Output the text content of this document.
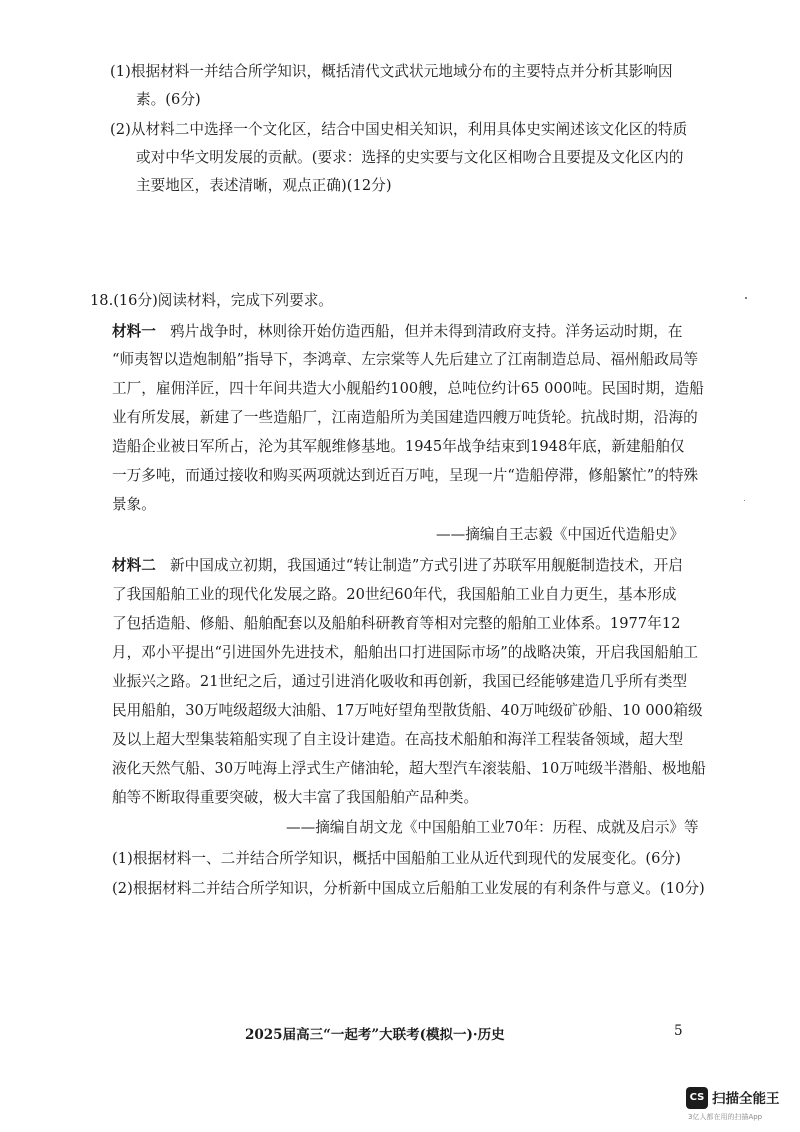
(1)根据材料一并结合所学知识，概括清代文武状元地域分布的主要特点并分析其影响因
素。(6分)
(2)从材料二中选择一个文化区，结合中国史相关知识，利用具体史实阐述该文化区的特质
或对中华文明发展的贡献。(要求：选择的史实要与文化区相吻合且要提及文化区内的
主要地区，表述清晰，观点正确)(12分)
18.(16分)阅读材料，完成下列要求。
材料一 鸦片战争时，林则徐开始仿造西船，但并未得到清政府支持。洋务运动时期，在
“师夷智以造炮制船”指导下，李鸿章、左宗棠等人先后建立了江南制造总局、福州船政局等
工厂，雇佣洋匠，四十年间共造大小舰船约100艘，总吨位约计65 000吨。民国时期，造船
业有所发展，新建了一些造船厂，江南造船所为美国建造四艘万吨货轮。抗战时期，沿海的
造船企业被日军所占，沦为其军舰维修基地。1945年战争结束到1948年底，新建船舶仅
一万多吨，而通过接收和购买两项就达到近百万吨，呈现一片“造船停滞，修船繁忙”的特殊
景象。
——摘编自王志毅《中国近代造船史》
材料二 新中国成立初期，我国通过“转让制造”方式引进了苏联军用舰艇制造技术，开启
了我国船舶工业的现代化发展之路。20世纪60年代，我国船舶工业自力更生，基本形成
了包括造船、修船、船舶配套以及船舶科研教育等相对完整的船舶工业体系。1977年12
月，邓小平提出“引进国外先进技术，船舶出口打进国际市场”的战略决策，开启我国船舶工
业振兴之路。21世纪之后，通过引进消化吸收和再创新，我国已经能够建造几乎所有类型
民用船舶，30万吨级超级大油船、17万吨好望角型散货船、40万吨级矿砂船、10 000箱级
及以上超大型集装箱船实现了自主设计建造。在高技术船舶和海洋工程装备领域，超大型
液化天然气船、30万吨海上浮式生产储油轮，超大型汽车滚装船、10万吨级半潜船、极地船
舶等不断取得重要突破，极大丰富了我国船舶产品种类。
——摘编自胡文龙《中国船舶工业70年：历程、成就及启示》等
(1)根据材料一、二并结合所学知识，概括中国船舶工业从近代到现代的发展变化。(6分)
(2)根据材料二并结合所学知识，分析新中国成立后船舶工业发展的有利条件与意义。(10分)
2025届高三“一起考”大联考(模拟一)·历史	5
CS 扫描全能王
3亿人都在用的扫描App
